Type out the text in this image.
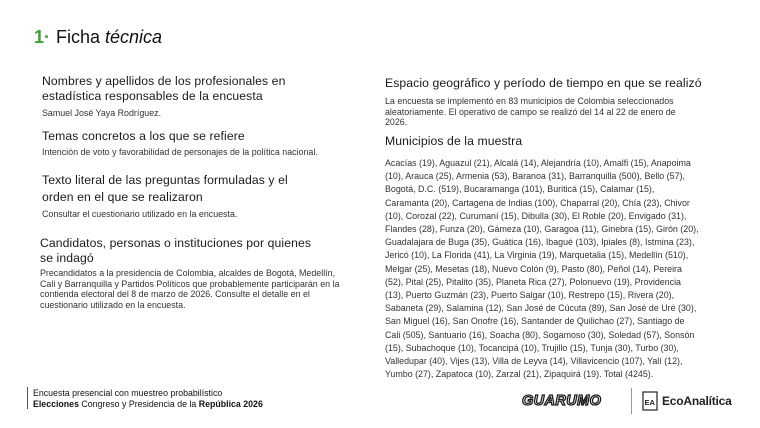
1 · Ficha técnica
Nombres y apellidos de los profesionales en
estadística responsables de la encuesta
Samuel José Yaya Rodríguez.
Temas concretos a los que se refiere
Intención de voto y favorabilidad de personajes de la política nacional.
Texto literal de las preguntas formuladas y el
orden en el que se realizaron
Consultar el cuestionario utilizado en la encuesta.
Candidatos, personas o instituciones por quienes
se indagó
Precandidatos a la presidencia de Colombia, alcaldes de Bogotá, Medellín,
Cali y Barranquilla y Partidos Políticos que probablemente participarán en la
contienda electoral del 8 de marzo de 2026. Consulte el detalle en el
cuestionario utilizado en la encuesta.
Espacio geográfico y período de tiempo en que se realizó
La encuesta se implementó en 83 municipios de Colombia seleccionados
aleatoriamente. El operativo de campo se realizó del 14 al 22 de enero de
2026.
Municipios de la muestra
Acacías (19), Aguazul (21), Alcalá (14), Alejandría (10), Amalfi (15), Anapoima
(10), Arauca (25), Armenia (53), Baranoa (31), Barranquilla (500), Bello (57),
Bogotá, D.C. (519), Bucaramanga (101), Buriticá (15), Calamar (15),
Caramanta (20), Cartagena de Indias (100), Chaparral (20), Chía (23), Chivor
(10), Corozal (22), Curumaní (15), Dibulla (30), El Roble (20), Envigado (31),
Flandes (28), Funza (20), Gámeza (10), Garagoa (11), Ginebra (15), Girón (20),
Guadalajara de Buga (35), Guática (16), Ibagué (103), Ipiales (8), Istmina (23),
Jericó (10), La Florida (41), La Virginia (19), Marquetalia (15), Medellín (510),
Melgar (25), Mesetas (18), Nuevo Colón (9), Pasto (80), Peñol (14), Pereira
(52), Pital (25), Pitalito (35), Planeta Rica (27), Polonuevo (19), Providencia
(13), Puerto Guzmán (23), Puerto Salgar (10), Restrepo (15), Rivera (20),
Sabaneta (29), Salamina (12), San José de Cúcuta (89), San José de Uré (30),
San Miguel (16), San Onofre (16), Santander de Quilichao (27), Santiago de
Cali (505), Santuario (16), Soacha (80), Sogamoso (30), Soledad (57), Sonsón
(15), Subachoque (10), Tocancipá (10), Trujillo (15), Tunja (30), Turbo (30),
Valledupar (40), Vijes (13), Villa de Leyva (14), Villavicencio (107), Yalí (12),
Yumbo (27), Zapatoca (10), Zarzal (21), Zipaquirá (19). Total (4245).
Encuesta presencial con muestreo probabilístico
Elecciones Congreso y Presidencia de la República 2026	GUARUMO	EA EcoAnalítica
